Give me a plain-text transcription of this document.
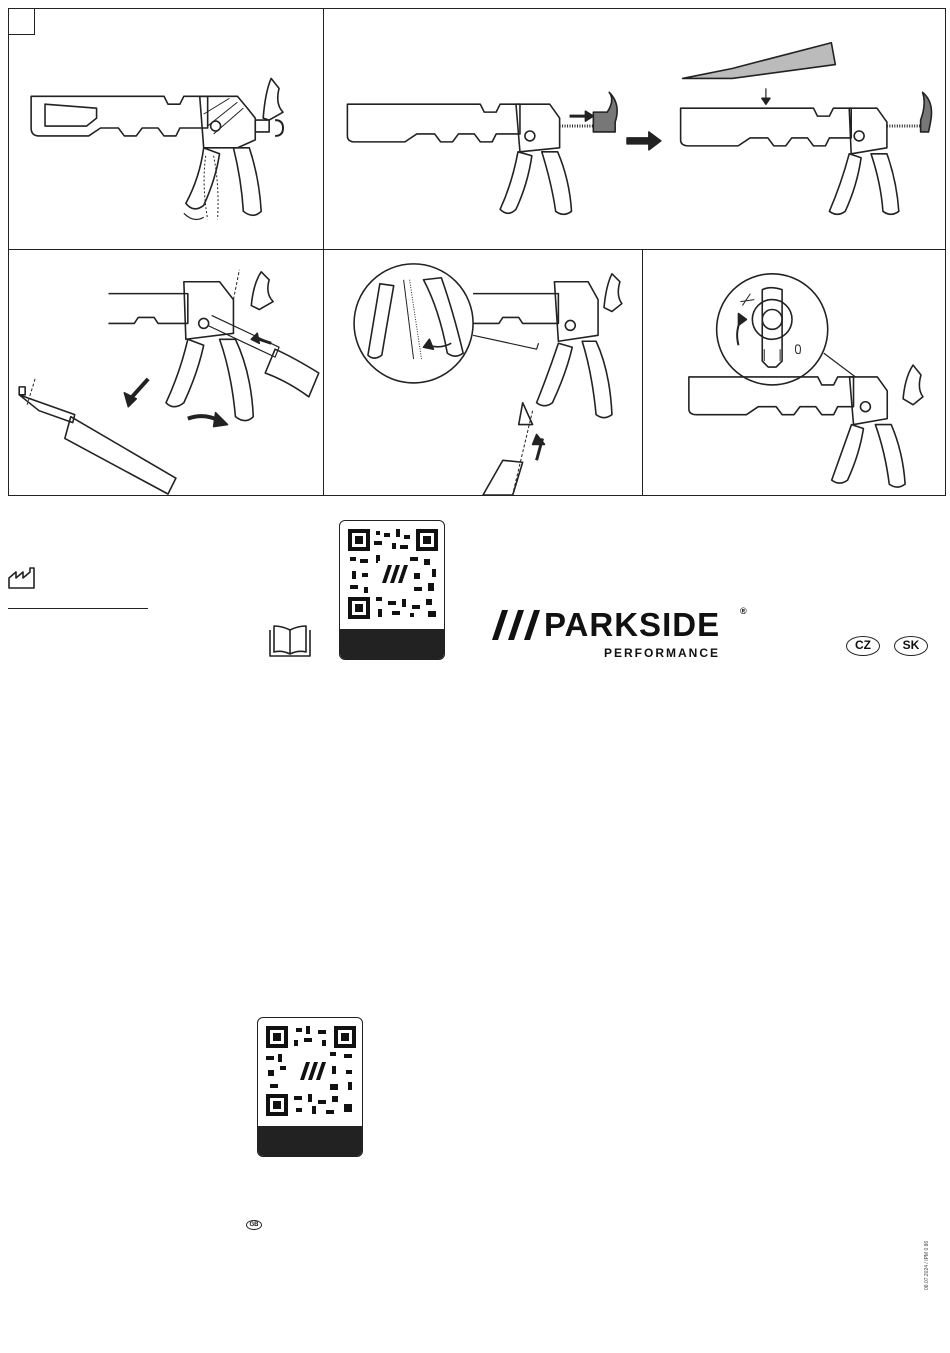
PARKSIDE ®
PERFORMANCE
CZ	SK
GB
08.07.2024 / IPM 0 86
